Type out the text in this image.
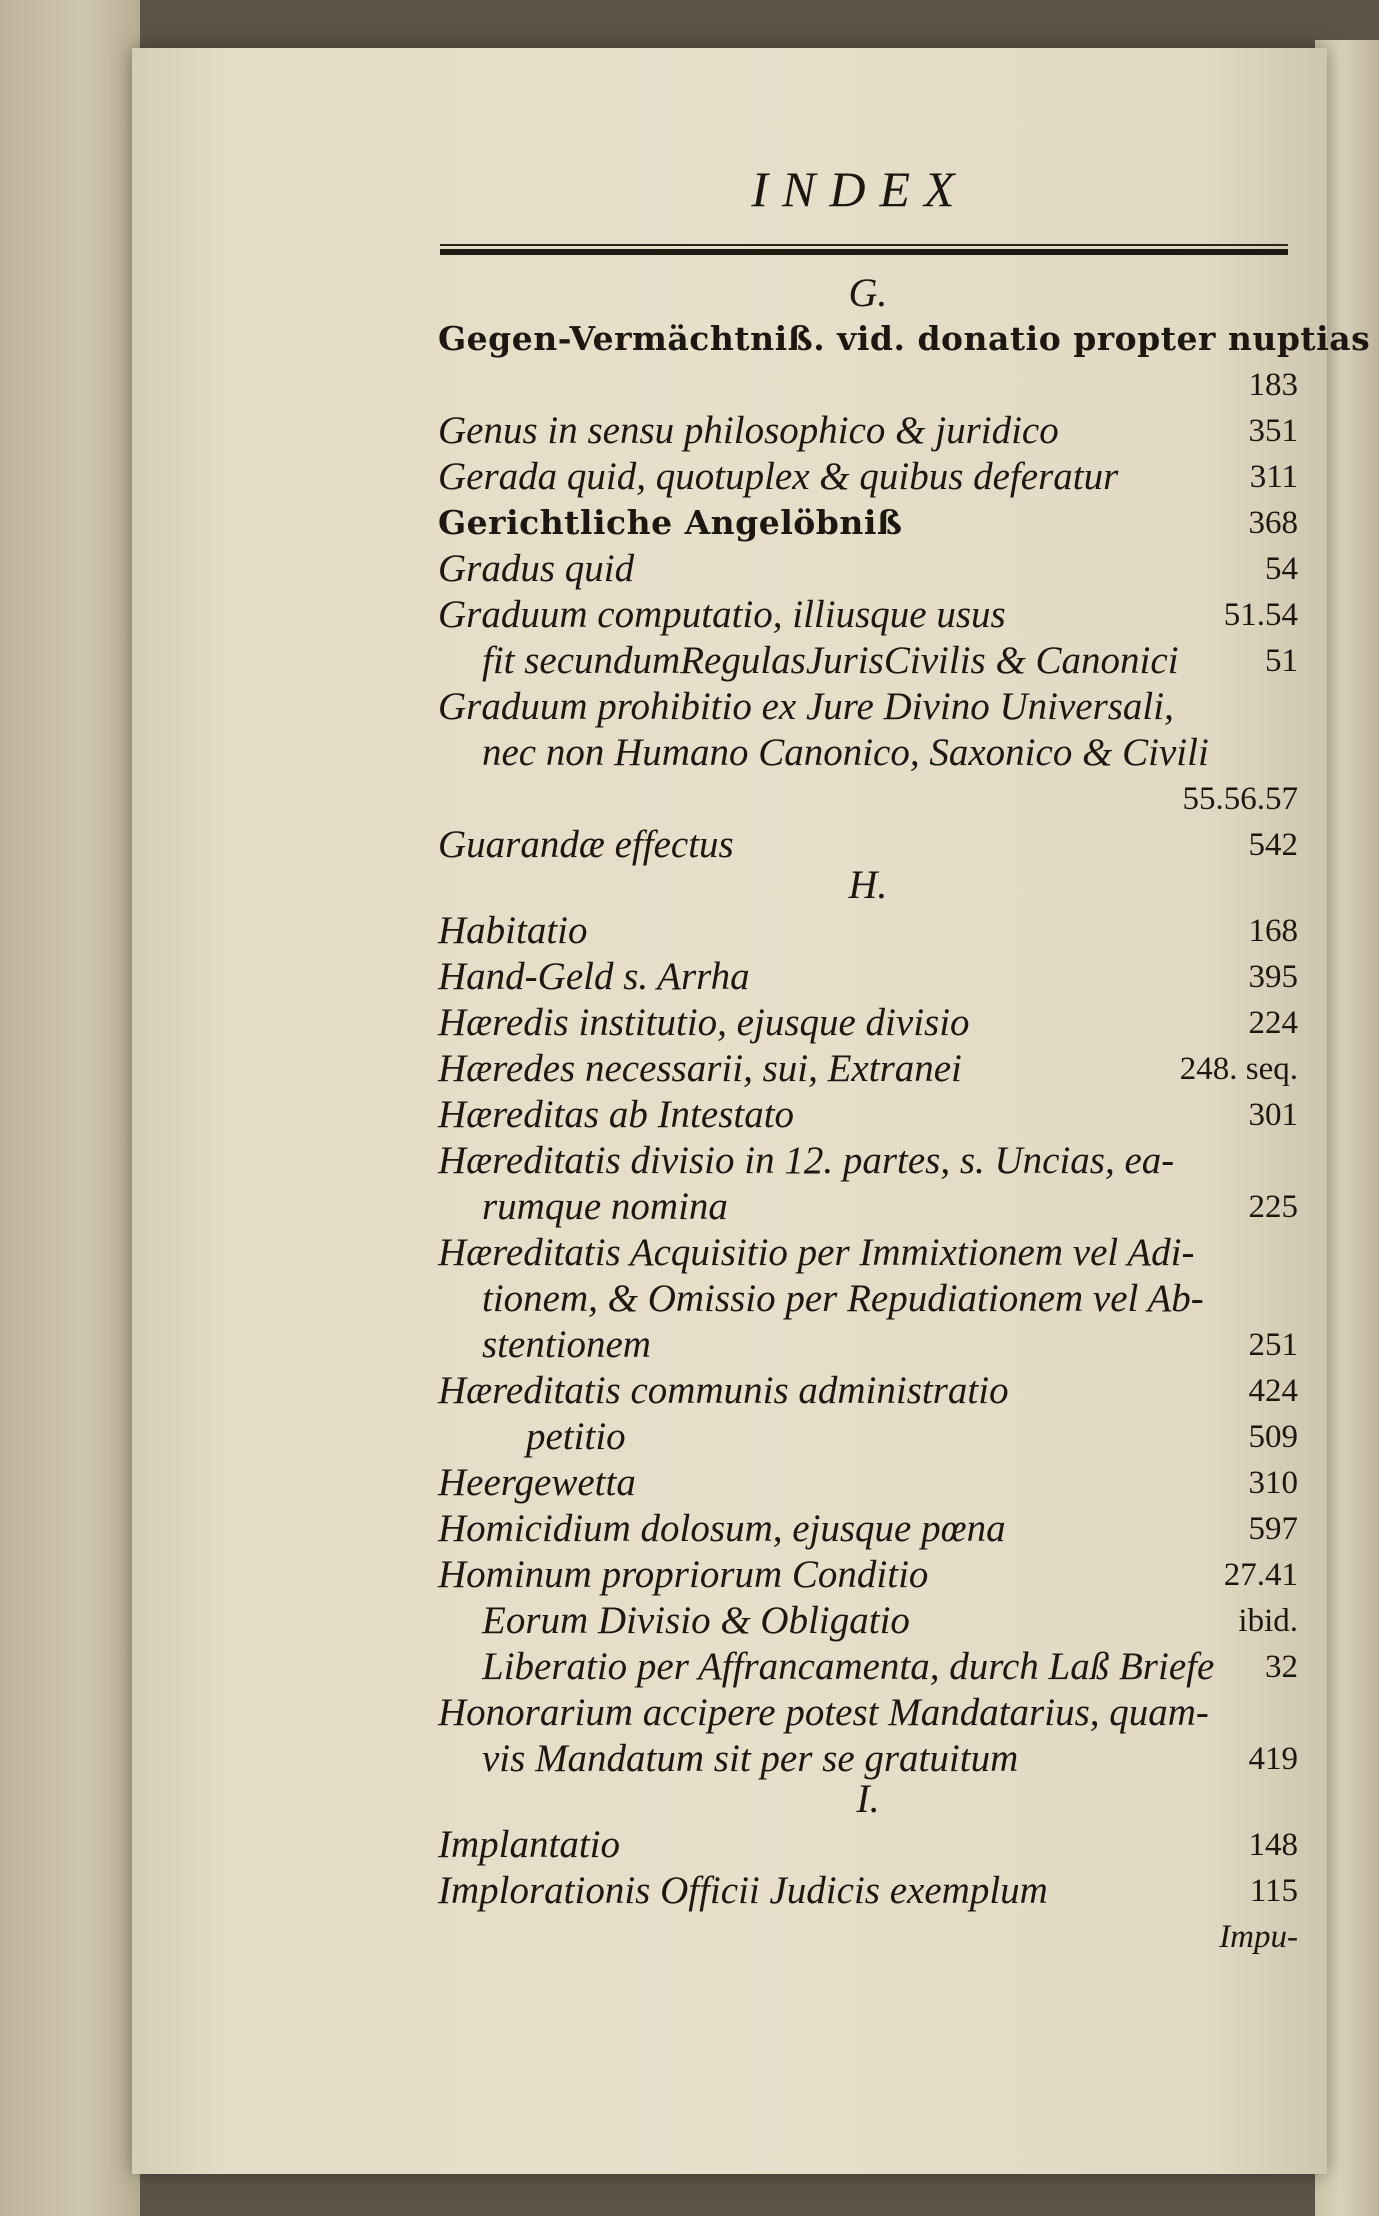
INDEX
G.
Gegen-Vermächtniß. vid. donatio propter nuptias
183
Genus in sensu philosophico & juridico	351
Gerada quid, quotuplex & quibus deferatur	311
Gerichtliche Angelöbniß	368
Gradus quid	54
Graduum computatio, illiusque usus	51.54
fit secundumRegulasJurisCivilis & Canonici	51
Graduum prohibitio ex Jure Divino Universali,
nec non Humano Canonico, Saxonico & Civili
55.56.57
Guarandæ effectus	542
H.
Habitatio	168
Hand-Geld s. Arrha	395
Hæredis institutio, ejusque divisio	224
Hæredes necessarii, sui, Extranei	248. seq.
Hæreditas ab Intestato	301
Hæreditatis divisio in 12. partes, s. Uncias, ea-
rumque nomina	225
Hæreditatis Acquisitio per Immixtionem vel Adi-
tionem, & Omissio per Repudiationem vel Ab-
stentionem	251
Hæreditatis communis administratio	424
petitio	509
Heergewetta	310
Homicidium dolosum, ejusque pœna	597
Hominum propriorum Conditio	27.41
Eorum Divisio & Obligatio	ibid.
Liberatio per Affrancamenta, durch Laß Briefe 32
Honorarium accipere potest Mandatarius, quam-
vis Mandatum sit per se gratuitum	419
I.
Implantatio	148
Implorationis Officii Judicis exemplum	115
Impu-
